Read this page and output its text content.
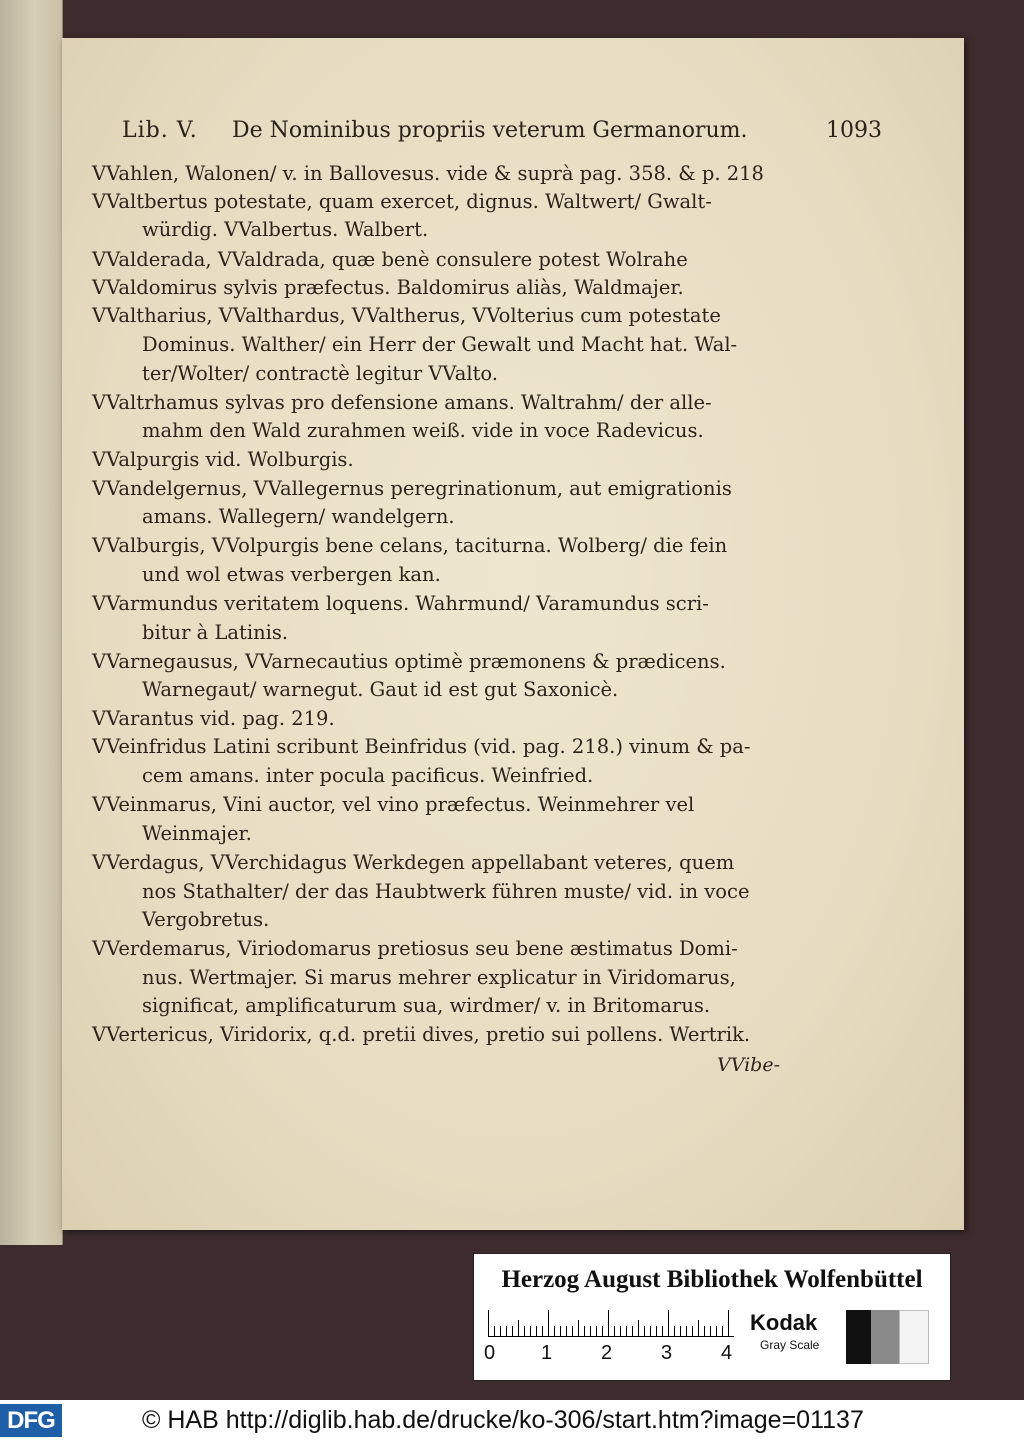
Lib. V. De Nominibus propriis veterum Germanorum.	1093
VVahlen, Walonen/ v. in Ballovesus. vide & suprà pag. 358. & p. 218
VValtbertus potestate, quam exercet, dignus. Waltwert/ Gwalt-
würdig. VValbertus. Walbert.
VValderada, VValdrada, quæ benè consulere potest Wolrahe
VValdomirus sylvis præfectus. Baldomirus aliàs, Waldmajer.
VValtharius, VValthardus, VValtherus, VVolterius cum potestate
Dominus. Walther/ ein Herr der Gewalt und Macht hat. Wal-
ter/Wolter/ contractè legitur VValto.
VValtrhamus sylvas pro defensione amans. Waltrahm/ der alle-
mahm den Wald zurahmen weiß. vide in voce Radevicus.
VValpurgis vid. Wolburgis.
VVandelgernus, VVallegernus peregrinationum, aut emigrationis
amans. Wallegern/ wandelgern.
VValburgis, VVolpurgis bene celans, taciturna. Wolberg/ die fein
und wol etwas verbergen kan.
VVarmundus veritatem loquens. Wahrmund/ Varamundus scri-
bitur à Latinis.
VVarnegausus, VVarnecautius optimè præmonens & prædicens.
Warnegaut/ warnegut. Gaut id est gut Saxonicè.
VVarantus vid. pag. 219.
VVeinfridus Latini scribunt Beinfridus (vid. pag. 218.) vinum & pa-
cem amans. inter pocula pacificus. Weinfried.
VVeinmarus, Vini auctor, vel vino præfectus. Weinmehrer vel
Weinmajer.
VVerdagus, VVerchidagus Werkdegen appellabant veteres, quem
nos Stathalter/ der das Haubtwerk führen muste/ vid. in voce
Vergobretus.
VVerdemarus, Viriodomarus pretiosus seu bene æstimatus Domi-
nus. Wertmajer. Si marus mehrer explicatur in Viridomarus,
significat, amplificaturum sua, wirdmer/ v. in Britomarus.
VVertericus, Viridorix, q.d. pretii dives, pretio sui pollens. Wertrik.
VVibe-
Herzog August Bibliothek Wolfenbüttel
0 1 2 3 4
Kodak
Gray Scale
DFG	© HAB http://diglib.hab.de/drucke/ko-306/start.htm?image=01137
